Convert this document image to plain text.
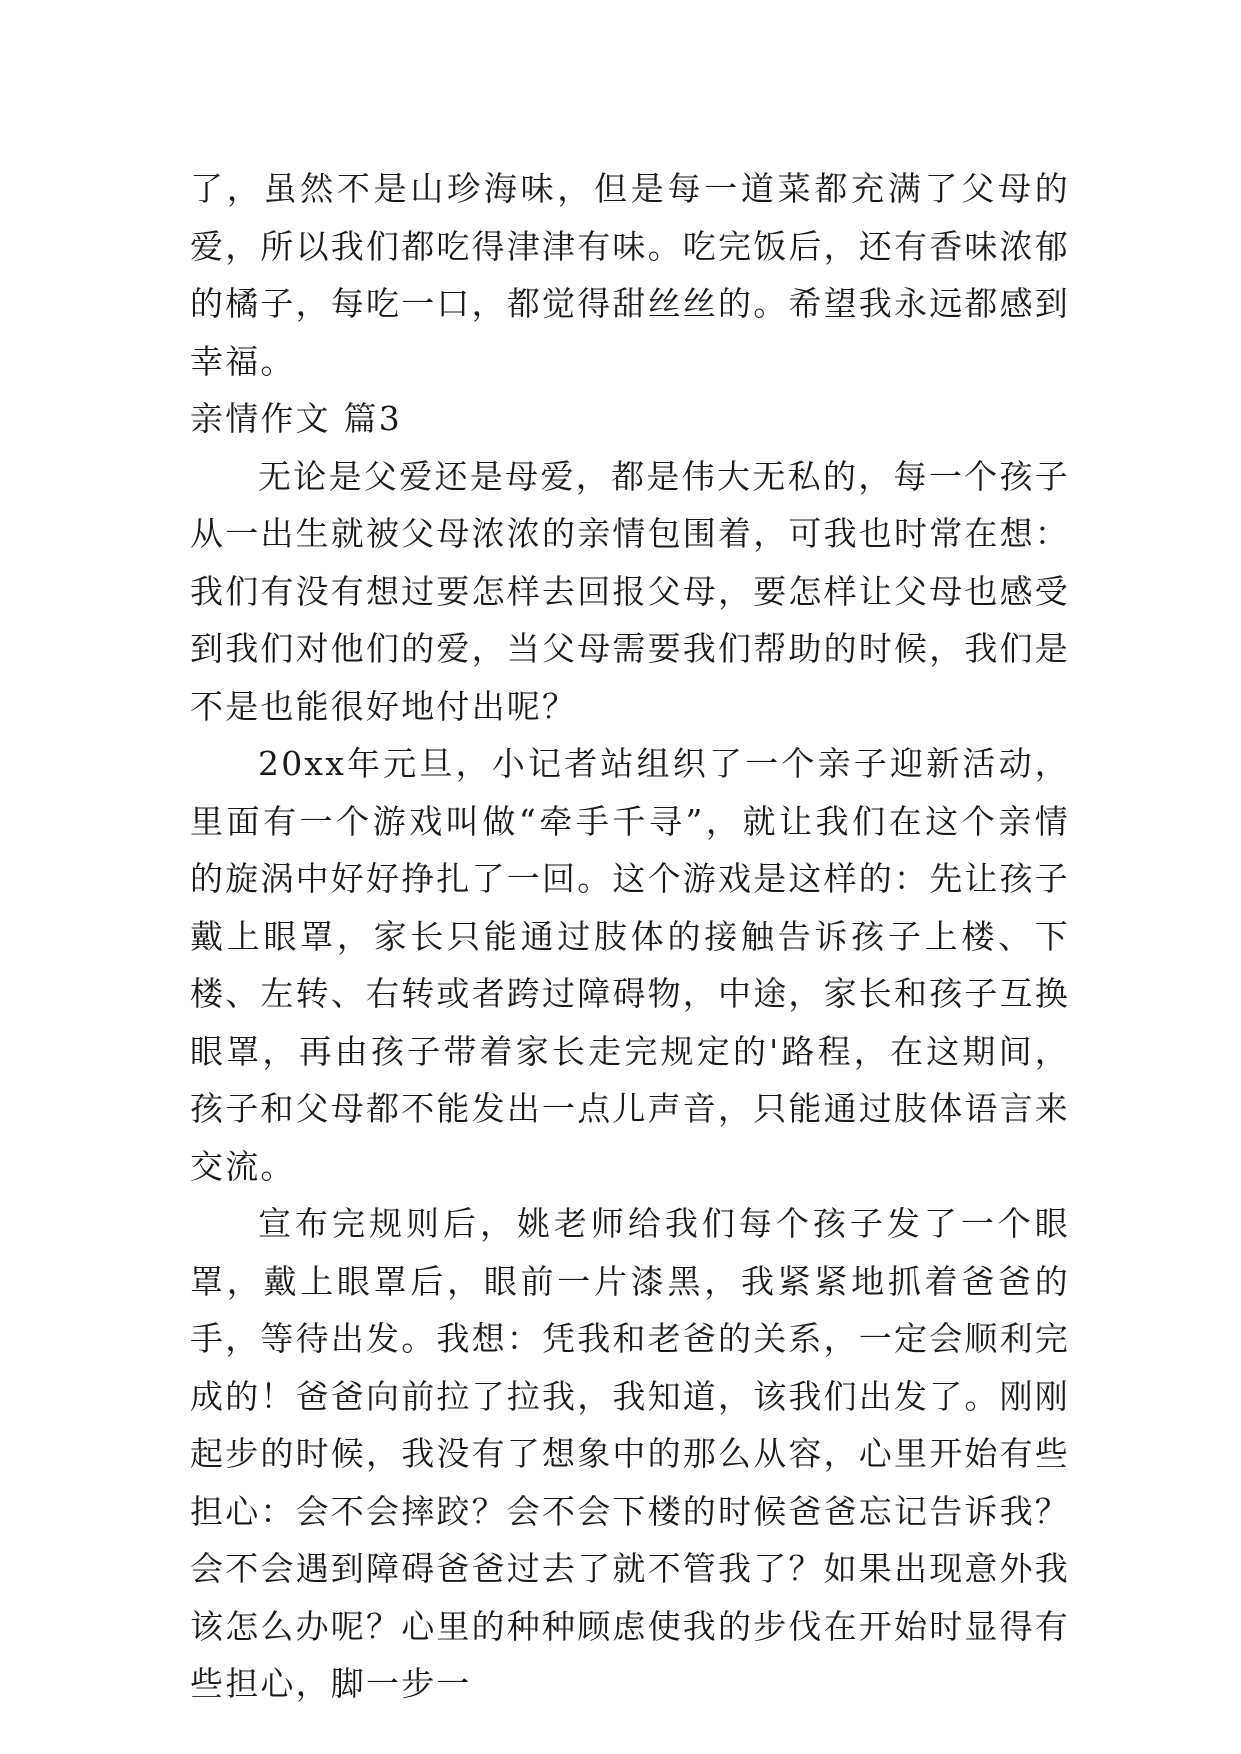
了，虽然不是山珍海味，但是每一道菜都充满了父母的爱，所以我们都吃得津津有味。吃完饭后，还有香味浓郁的橘子，每吃一口，都觉得甜丝丝的。希望我永远都感到幸福。

亲情作文 篇3

无论是父爱还是母爱，都是伟大无私的，每一个孩子从一出生就被父母浓浓的亲情包围着，可我也时常在想：我们有没有想过要怎样去回报父母，要怎样让父母也感受到我们对他们的爱，当父母需要我们帮助的时候，我们是不是也能很好地付出呢？

20xx年元旦，小记者站组织了一个亲子迎新活动，里面有一个游戏叫做“牵手千寻”，就让我们在这个亲情的旋涡中好好挣扎了一回。这个游戏是这样的：先让孩子戴上眼罩，家长只能通过肢体的接触告诉孩子上楼、下楼、左转、右转或者跨过障碍物，中途，家长和孩子互换眼罩，再由孩子带着家长走完规定的'路程，在这期间，孩子和父母都不能发出一点儿声音，只能通过肢体语言来交流。

宣布完规则后，姚老师给我们每个孩子发了一个眼罩，戴上眼罩后，眼前一片漆黑，我紧紧地抓着爸爸的手，等待出发。我想：凭我和老爸的关系，一定会顺利完成的！爸爸向前拉了拉我，我知道，该我们出发了。刚刚起步的时候，我没有了想象中的那么从容，心里开始有些担心：会不会摔跤？会不会下楼的时候爸爸忘记告诉我？会不会遇到障碍爸爸过去了就不管我了？如果出现意外我该怎么办呢？心里的种种顾虑使我的步伐在开始时显得有些担心，脚一步一
